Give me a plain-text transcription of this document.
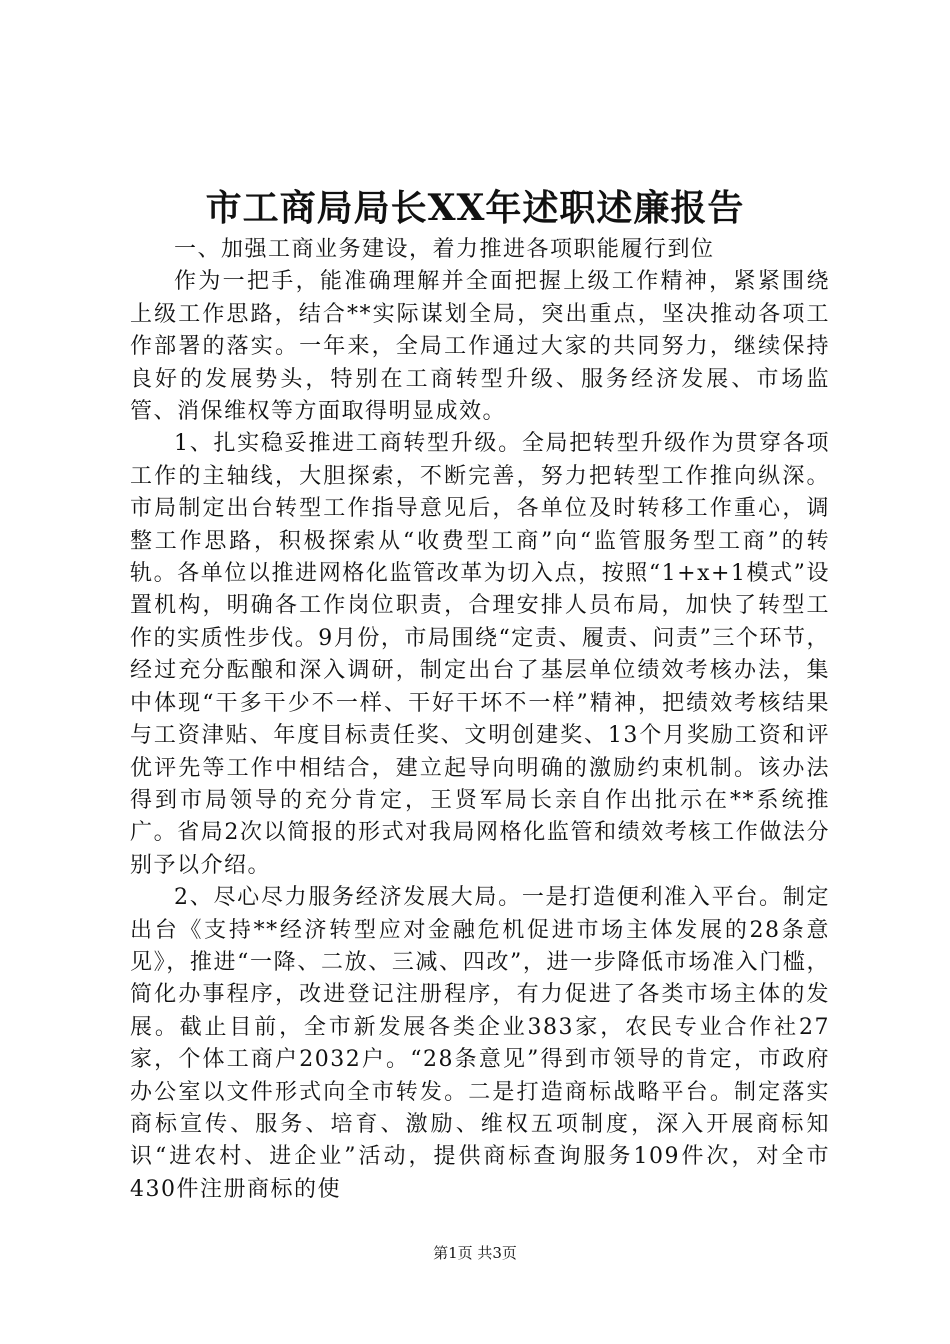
市工商局局长XX年述职述廉报告

一、加强工商业务建设，着力推进各项职能履行到位

作为一把手，能准确理解并全面把握上级工作精神，紧紧围绕上级工作思路，结合**实际谋划全局，突出重点，坚决推动各项工作部署的落实。一年来，全局工作通过大家的共同努力，继续保持良好的发展势头，特别在工商转型升级、服务经济发展、市场监管、消保维权等方面取得明显成效。

1、扎实稳妥推进工商转型升级。全局把转型升级作为贯穿各项工作的主轴线，大胆探索，不断完善，努力把转型工作推向纵深。市局制定出台转型工作指导意见后，各单位及时转移工作重心，调整工作思路，积极探索从“收费型工商”向“监管服务型工商”的转轨。各单位以推进网格化监管改革为切入点，按照“1+x+1模式”设置机构，明确各工作岗位职责，合理安排人员布局，加快了转型工作的实质性步伐。9月份，市局围绕“定责、履责、问责”三个环节，经过充分酝酿和深入调研，制定出台了基层单位绩效考核办法，集中体现“干多干少不一样、干好干坏不一样”精神，把绩效考核结果与工资津贴、年度目标责任奖、文明创建奖、13个月奖励工资和评优评先等工作中相结合，建立起导向明确的激励约束机制。该办法得到市局领导的充分肯定，王贤军局长亲自作出批示在**系统推广。省局2次以简报的形式对我局网格化监管和绩效考核工作做法分别予以介绍。

2、尽心尽力服务经济发展大局。一是打造便利准入平台。制定出台《支持**经济转型应对金融危机促进市场主体发展的28条意见》，推进“一降、二放、三减、四改”，进一步降低市场准入门槛，简化办事程序，改进登记注册程序，有力促进了各类市场主体的发展。截止目前，全市新发展各类企业383家，农民专业合作社27家，个体工商户2032户。“28条意见”得到市领导的肯定，市政府办公室以文件形式向全市转发。二是打造商标战略平台。制定落实商标宣传、服务、培育、激励、维权五项制度，深入开展商标知识“进农村、进企业”活动，提供商标查询服务109件次，对全市430件注册商标的使

第1页 共3页
